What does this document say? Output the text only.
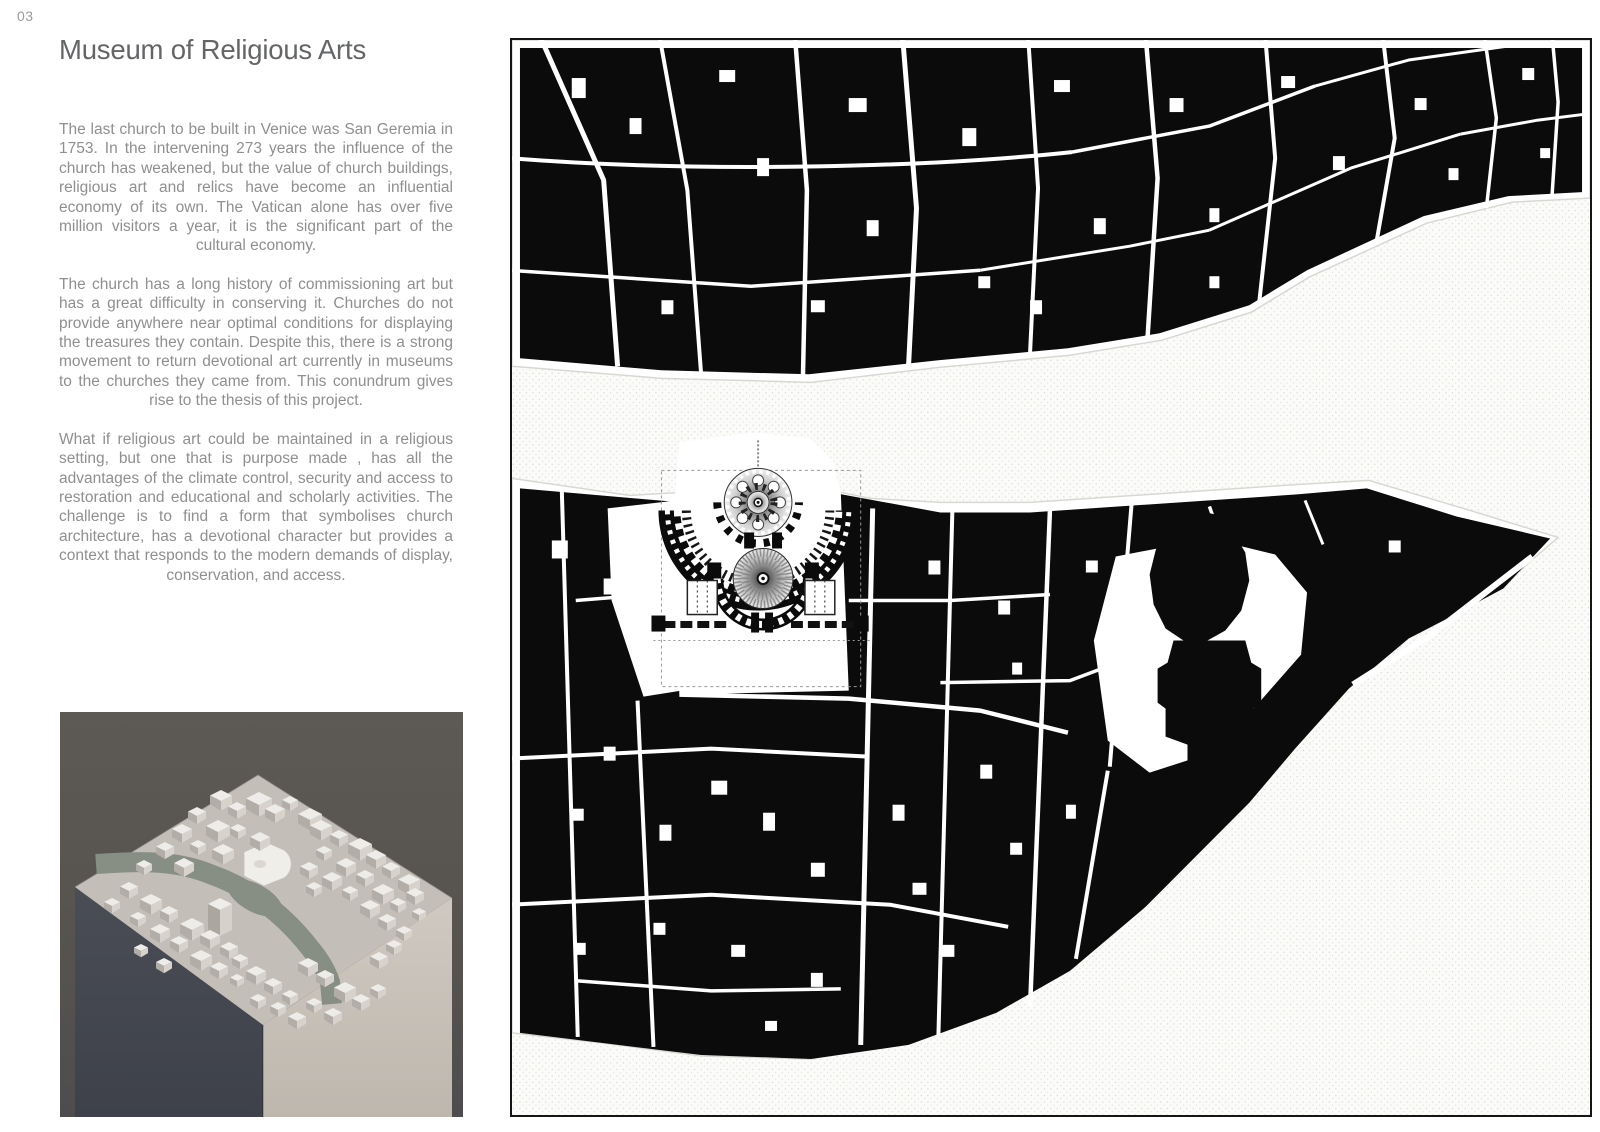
03
Museum of Religious Arts

The last church to be built in Venice was San Geremia in 1753. In the intervening 273 years the influence of the church has weakened, but the value of church buildings, religious art and relics have become an influential economy of its own. The Vatican alone has over five million visitors a year, it is the significant part of the cultural economy.

The church has a long history of commissioning art but has a great difficulty in conserving it. Churches do not provide anywhere near optimal conditions for displaying the treasures they contain. Despite this, there is a strong movement to return devotional art currently in museums to the churches they came from. This conundrum gives rise to the thesis of this project.

What if religious art could be maintained in a religious setting, but one that is purpose made , has all the advantages of the climate control, security and access to restoration and educational and scholarly activities. The challenge is to find a form that symbolises church architecture, has a devotional character but provides a context that responds to the modern demands of display, conservation, and access.
